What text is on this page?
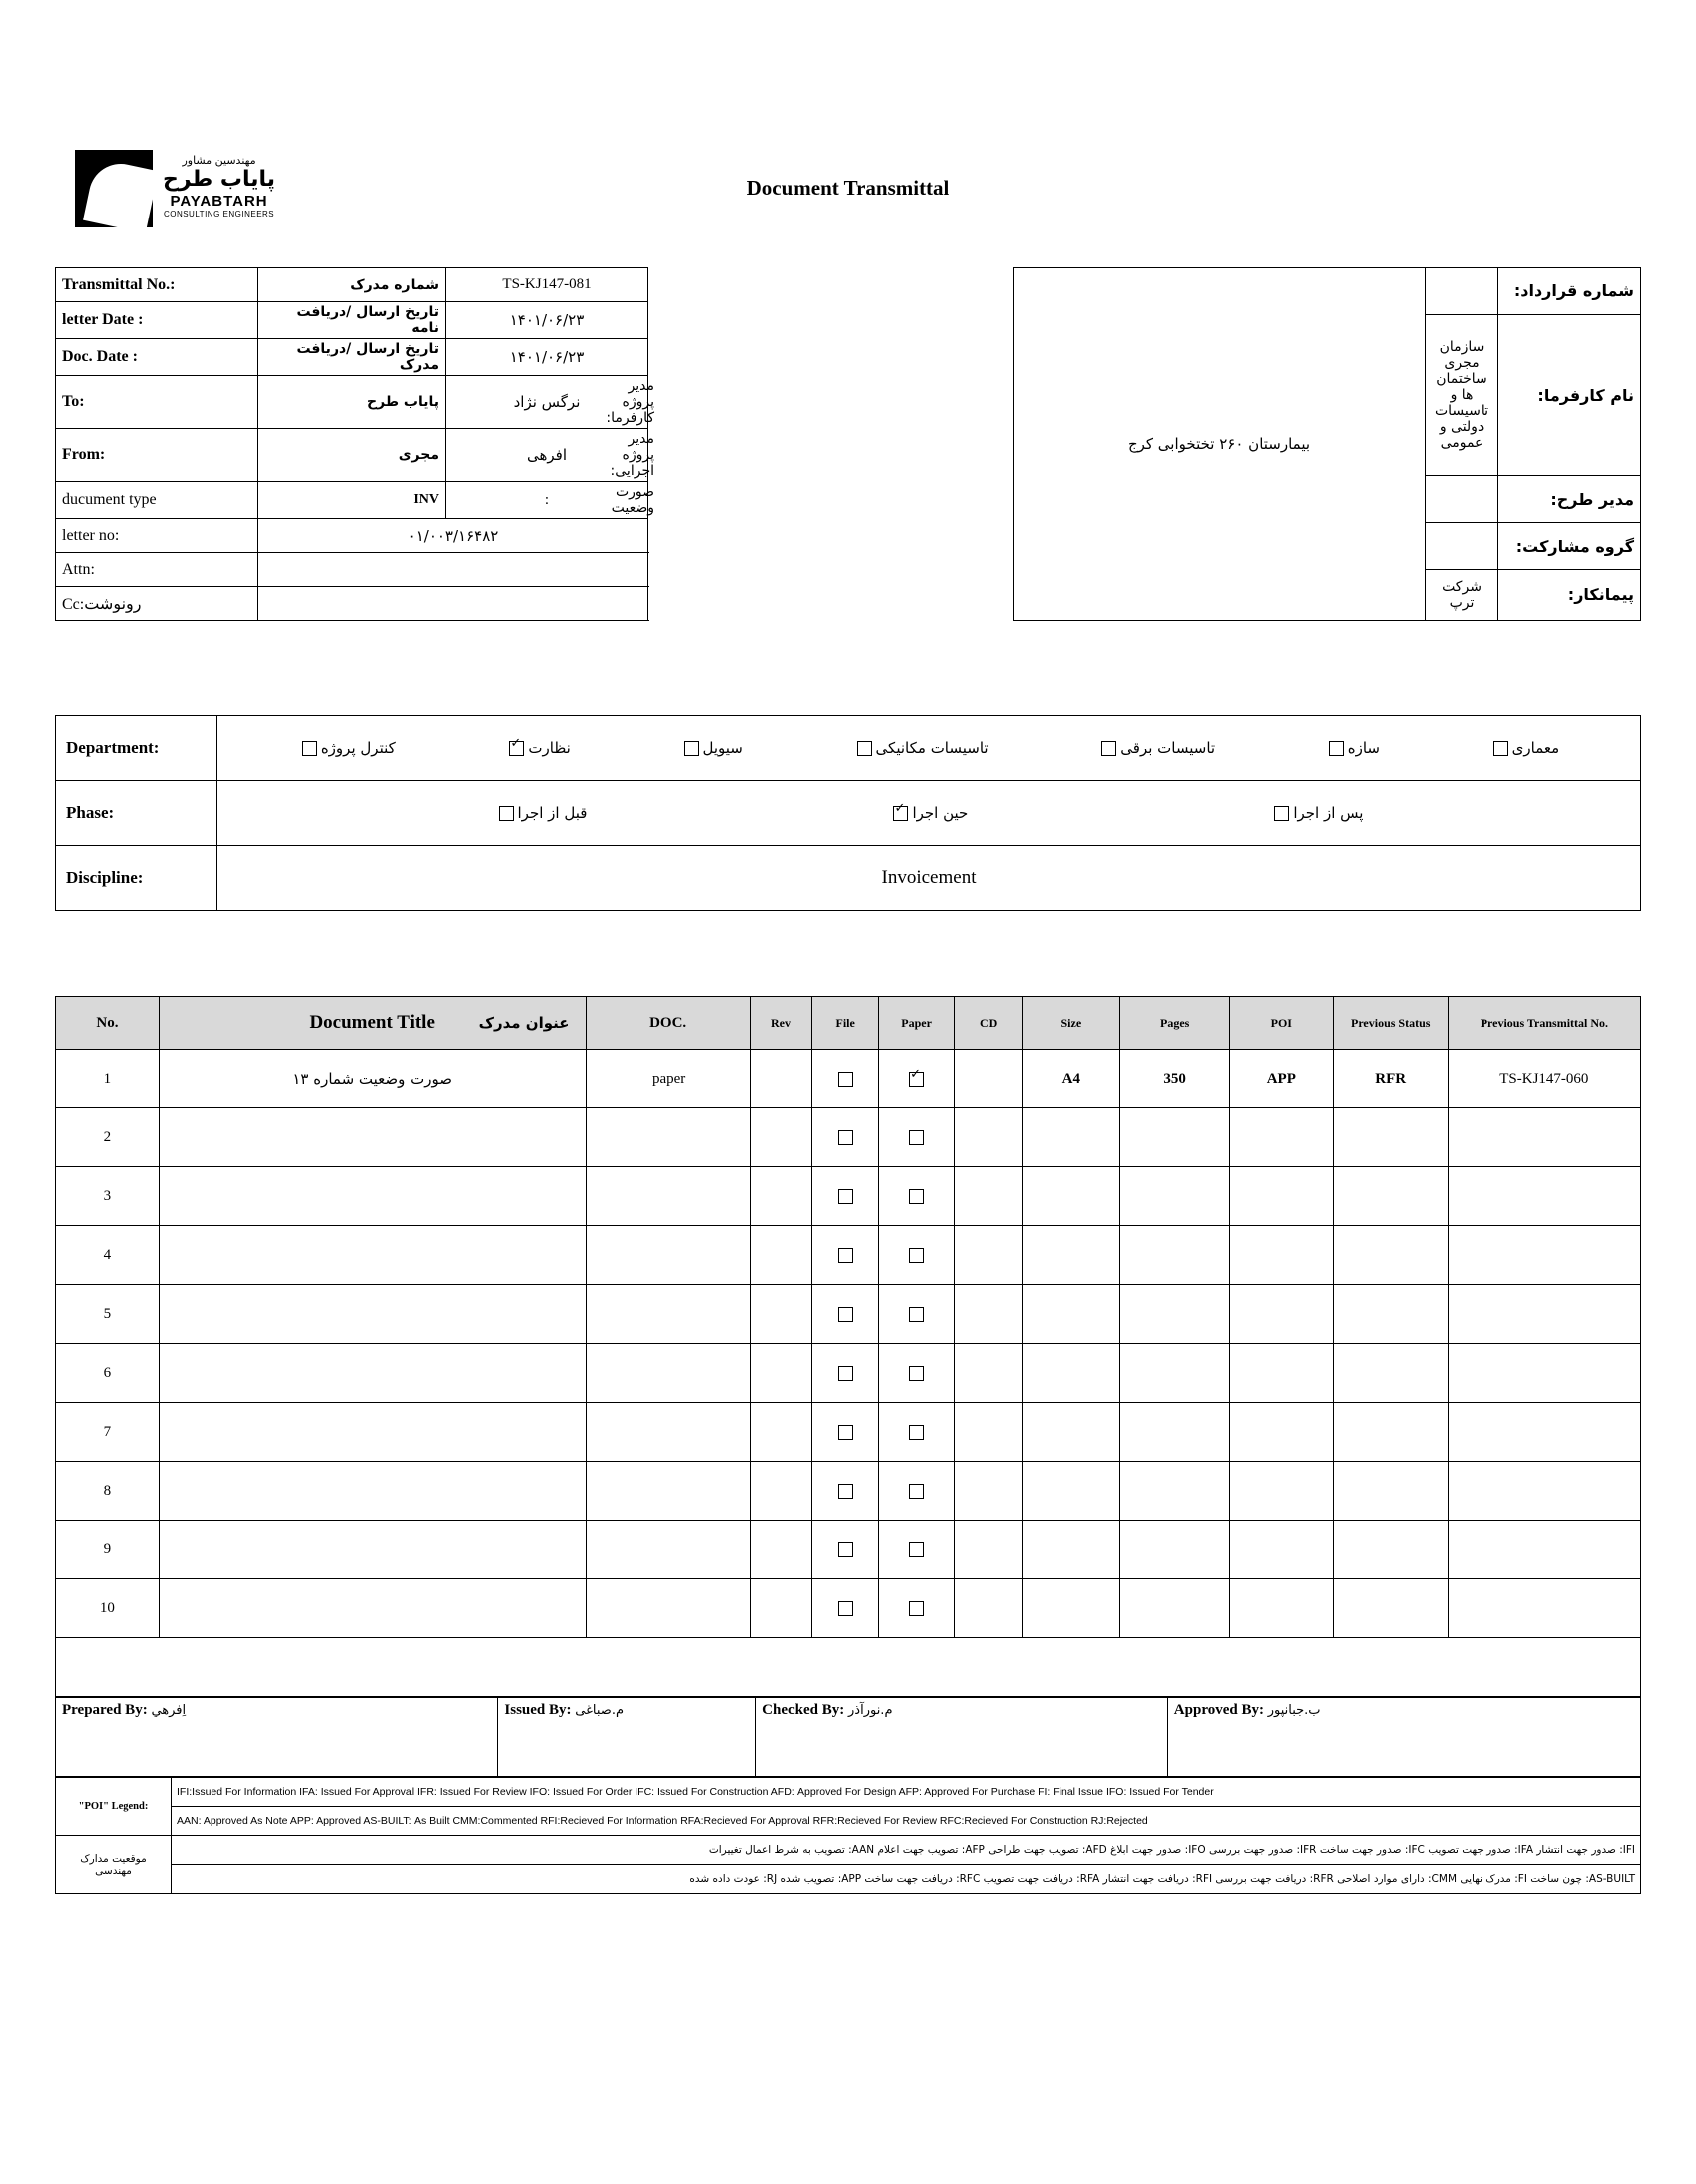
مهندسین مشاور
پایاب طرح
PAYABTARH
CONSULTING ENGINEERS
Document Transmittal
Transmittal No.:	شماره مدرک	TS-KJ147-081	
letter Date :	تاریخ ارسال /دریافت نامه	۱۴۰۱/۰۶/۲۳	
Doc. Date :	تاریخ ارسال /دریافت مدرک	۱۴۰۱/۰۶/۲۳	
To:	پایاب طرح	نرگس نژاد	مدیر پروژه کارفرما:
From:	مجری	افرهی	مدیر پروژه اجرایی:
ducument type	INV	:	صورت وضعیت
letter no:	۰۱/۰۰۳/۱۶۴۸۲		
Attn:			
Cc:رونوشت			
بیمارستان ۲۶۰ تختخوابی کرج		شماره قرارداد:
	سازمان مجری ساختمان ها و تاسیسات دولتی و عمومی	نام کارفرما:
		مدیر طرح:
		گروه مشارکت:
	شرکت ترپ	پیمانکار:
Department:	معماری
سازه
تاسیسات برقی
تاسیسات مکانیکی
سیویل
نظارت✓
کنترل پروژه

Phase:	پس از اجرا
حین اجرا✓
قبل از اجرا

Discipline:	Invoicement
No.	Document Title عنوان مدرک	DOC.	Rev	File	Paper	CD	Size	Pages	POI	Previous Status	Previous Transmittal No.
1	صورت وضعیت شماره ۱۳	paper			✓		A4	350	APP	RFR	TS-KJ147-060
2											
3											
4											
5											
6											
7											
8											
9											
10											

Prepared By: اِفرهي	Issued By: م.صباغی	Checked By: م.نورآذر	Approved By: ب.جبانپور
"POI" Legend:	IFI:Issued For Information IFA: Issued For Approval IFR: Issued For Review IFO: Issued For Order IFC: Issued For Construction AFD: Approved For Design AFP: Approved For Purchase FI: Final Issue IFO: Issued For Tender
	AAN: Approved As Note APP: Approved AS-BUILT: As Built CMM:Commented RFI:Recieved For Information RFA:Recieved For Approval RFR:Recieved For Review RFC:Recieved For Construction RJ:Rejected
موقعیت مدارک مهندسی	IFI: صدور جهت انتشار IFA: صدور جهت تصویب IFC: صدور جهت ساخت IFR: صدور جهت بررسی IFO: صدور جهت ابلاغ AFD: تصویب جهت طراحی AFP: تصویب جهت اعلام AAN: تصویب به شرط اعمال تغییرات
	AS-BUILT: چون ساخت FI: مدرک نهایی CMM: دارای موارد اصلاحی RFR: دریافت جهت بررسی RFI: دریافت جهت انتشار RFA: دریافت جهت تصویب RFC: دریافت جهت ساخت APP: تصویب شده RJ: عودت داده شده
